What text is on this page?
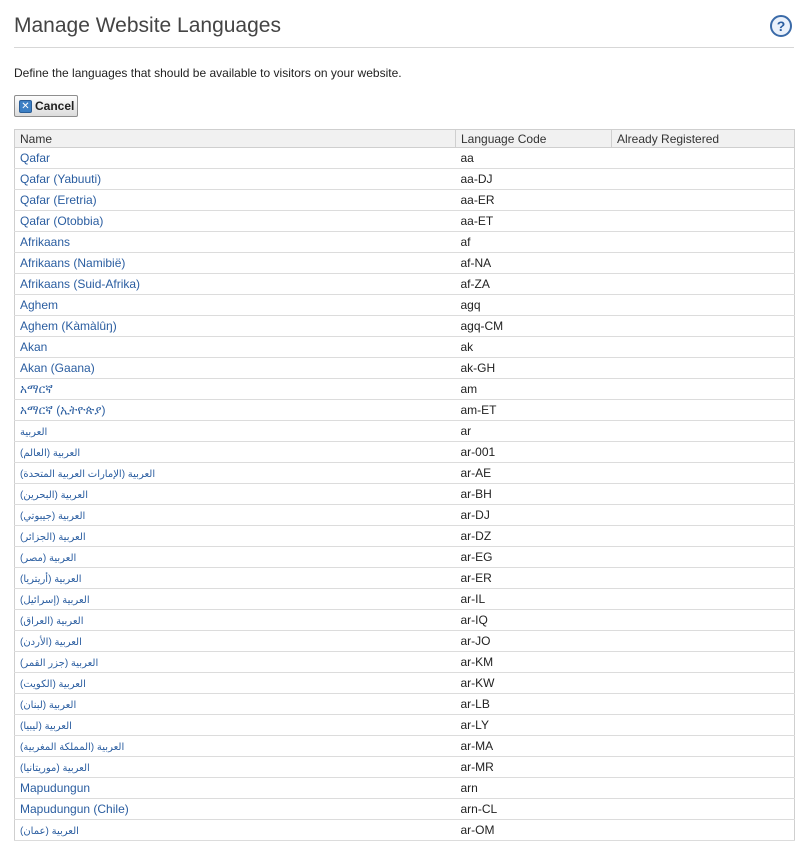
Manage Website Languages	?
Define the languages that should be available to visitors on your website.
✕ Cancel
Name	Language Code	Already Registered
Qafar	aa	
Qafar (Yabuuti)	aa-DJ	
Qafar (Eretria)	aa-ER	
Qafar (Otobbia)	aa-ET	
Afrikaans	af	
Afrikaans (Namibië)	af-NA	
Afrikaans (Suid-Afrika)	af-ZA	
Aghem	agq	
Aghem (Kàmàlûŋ)	agq-CM	
Akan	ak	
Akan (Gaana)	ak-GH	
አማርኛ	am	
አማርኛ (ኢትዮጵያ)	am-ET	
العربية	ar	
العربية (العالم)	ar-001	
العربية (الإمارات العربية المتحدة)	ar-AE	
العربية (البحرين)	ar-BH	
العربية (جيبوتي)	ar-DJ	
العربية (الجزائر)	ar-DZ	
العربية (مصر)	ar-EG	
العربية (أريتريا)	ar-ER	
العربية (إسرائيل)	ar-IL	
العربية (العراق)	ar-IQ	
العربية (الأردن)	ar-JO	
العربية (جزر القمر)	ar-KM	
العربية (الكويت)	ar-KW	
العربية (لبنان)	ar-LB	
العربية (ليبيا)	ar-LY	
العربية (المملكة المغربية)	ar-MA	
العربية (موريتانيا)	ar-MR	
Mapudungun	arn	
Mapudungun (Chile)	arn-CL	
العربية (عمان)	ar-OM	
